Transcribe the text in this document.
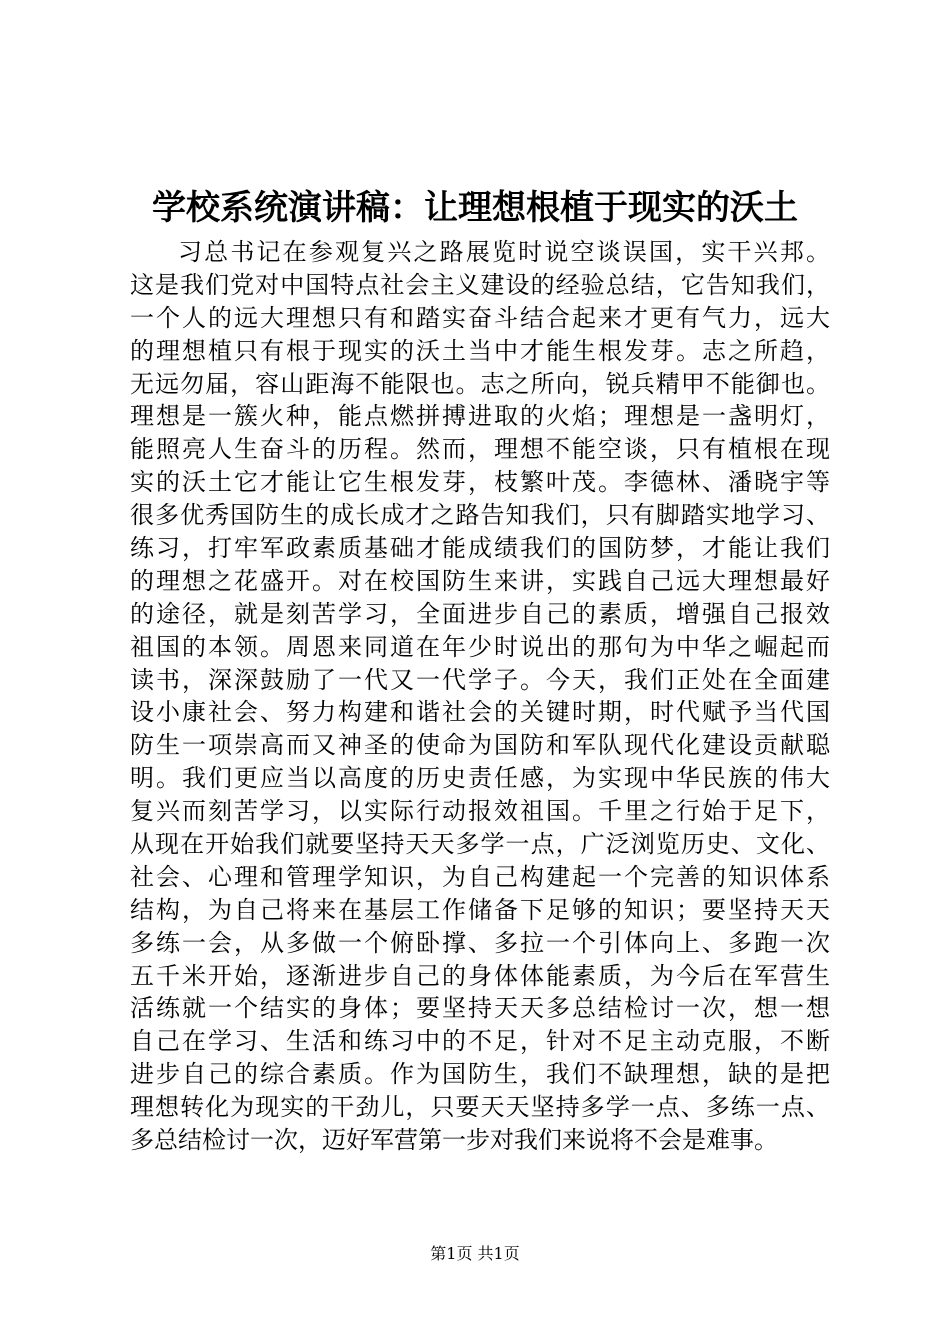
学校系统演讲稿：让理想根植于现实的沃土
习总书记在参观复兴之路展览时说空谈误国，实干兴邦。
这是我们党对中国特点社会主义建设的经验总结，它告知我们，
一个人的远大理想只有和踏实奋斗结合起来才更有气力，远大
的理想植只有根于现实的沃土当中才能生根发芽。志之所趋，
无远勿届，容山距海不能限也。志之所向，锐兵精甲不能御也。
理想是一簇火种，能点燃拼搏进取的火焰；理想是一盏明灯，
能照亮人生奋斗的历程。然而，理想不能空谈，只有植根在现
实的沃土它才能让它生根发芽，枝繁叶茂。李德林、潘晓宇等
很多优秀国防生的成长成才之路告知我们，只有脚踏实地学习、
练习，打牢军政素质基础才能成绩我们的国防梦，才能让我们
的理想之花盛开。对在校国防生来讲，实践自己远大理想最好
的途径，就是刻苦学习，全面进步自己的素质，增强自己报效
祖国的本领。周恩来同道在年少时说出的那句为中华之崛起而
读书，深深鼓励了一代又一代学子。今天，我们正处在全面建
设小康社会、努力构建和谐社会的关键时期，时代赋予当代国
防生一项崇高而又神圣的使命为国防和军队现代化建设贡献聪
明。我们更应当以高度的历史责任感，为实现中华民族的伟大
复兴而刻苦学习，以实际行动报效祖国。千里之行始于足下，
从现在开始我们就要坚持天天多学一点，广泛浏览历史、文化、
社会、心理和管理学知识，为自己构建起一个完善的知识体系
结构，为自己将来在基层工作储备下足够的知识；要坚持天天
多练一会，从多做一个俯卧撑、多拉一个引体向上、多跑一次
五千米开始，逐渐进步自己的身体体能素质，为今后在军营生
活练就一个结实的身体；要坚持天天多总结检讨一次，想一想
自己在学习、生活和练习中的不足，针对不足主动克服，不断
进步自己的综合素质。作为国防生，我们不缺理想，缺的是把
理想转化为现实的干劲儿，只要天天坚持多学一点、多练一点、
多总结检讨一次，迈好军营第一步对我们来说将不会是难事。
第1页 共1页
